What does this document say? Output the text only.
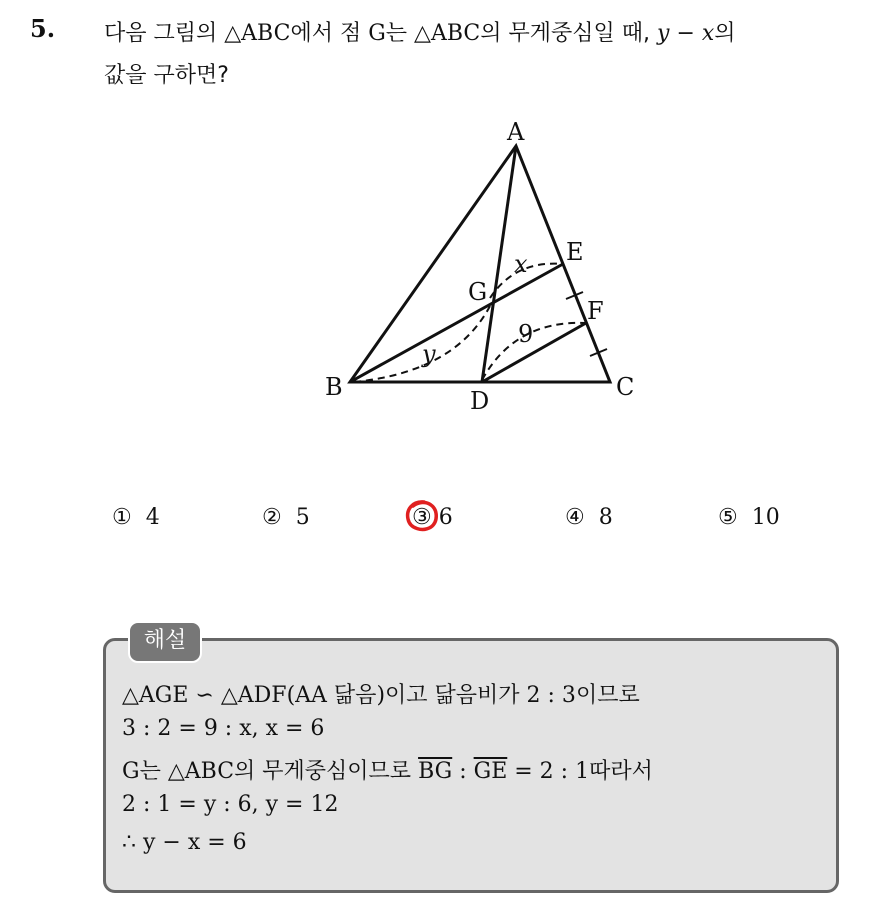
5. 다음 그림의 △ABC에서 점 G는 △ABC의 무게중심일 때, y − x의
값을 구하면?
A
B	C
D
E
F
G
x
y
9
① 4	② 5	③ 6	④ 8	⑤ 10
해설
△AGE ∽ △ADF(AA 닮음)이고 닮음비가 2 : 3이므로
3 : 2 = 9 : x, x = 6
G는 △ABC의 무게중심이므로 $\overline{BG}$ : $\overline{GE} = 2$ : 1따라서
2 : 1 = y : 6, y = 12
∴ y − x = 6
